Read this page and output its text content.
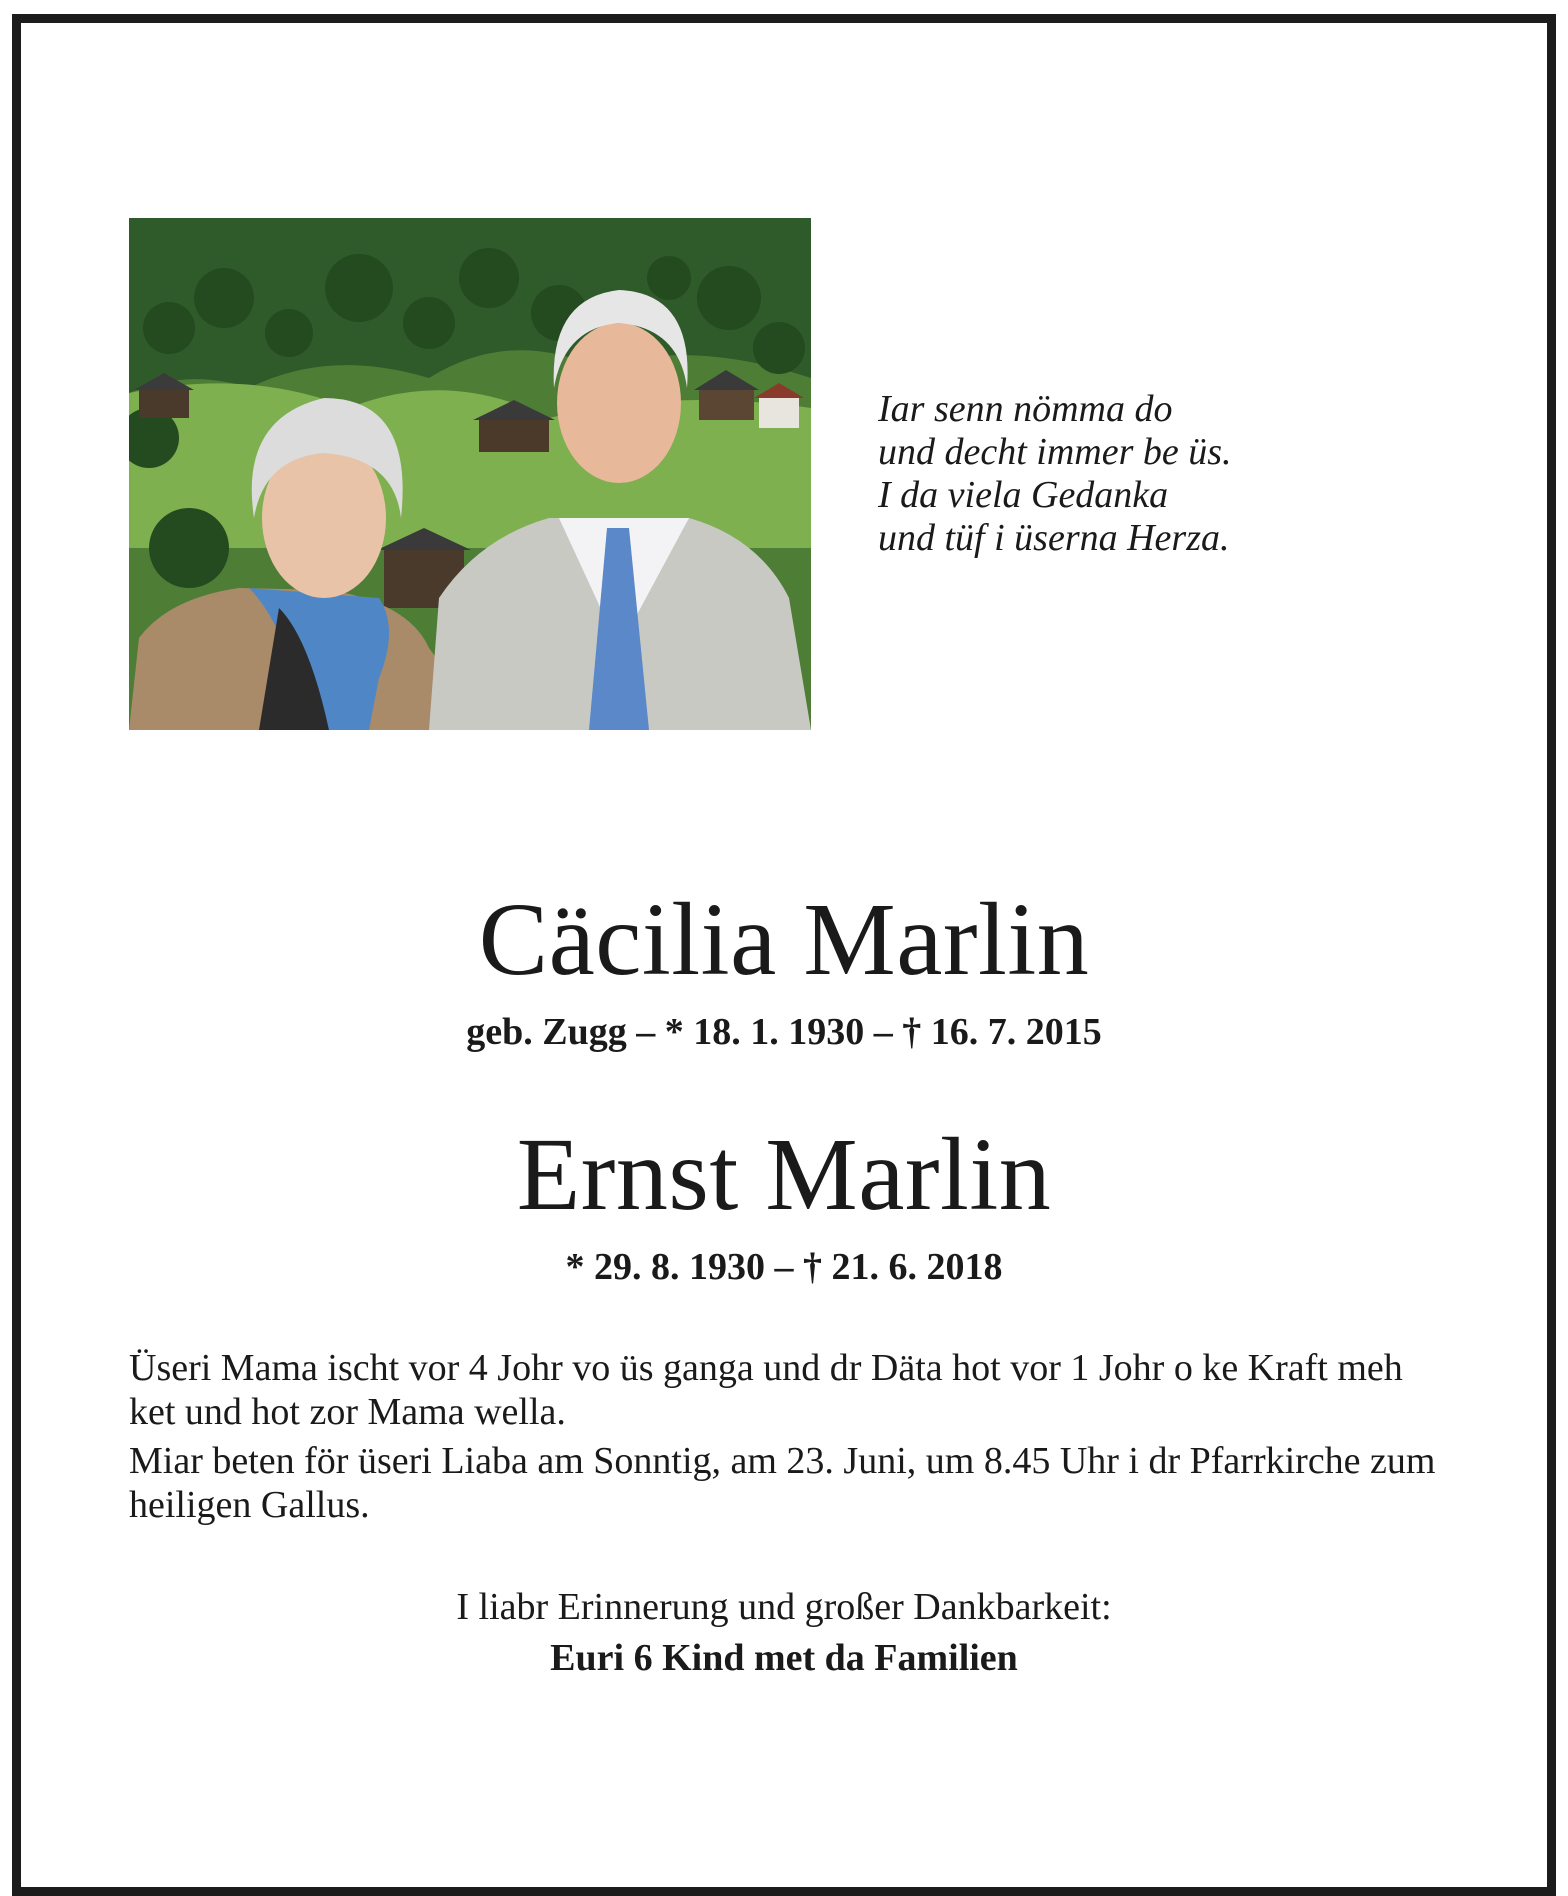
Iar senn nömma do
und decht immer be üs.
I da viela Gedanka
und tüf i üserna Herza.
Cäcilia Marlin
geb. Zugg – * 18. 1. 1930 – † 16. 7. 2015
Ernst Marlin
* 29. 8. 1930 – † 21. 6. 2018

Üseri Mama ischt vor 4 Johr vo üs ganga und dr Däta hot vor 1 Johr o ke Kraft meh ket und hot zor Mama wella.

Miar beten för üseri Liaba am Sonntig, am 23. Juni, um 8.45 Uhr i dr Pfarrkirche zum heiligen Gallus.

I liabr Erinnerung und großer Dankbarkeit:
Euri 6 Kind met da Familien
